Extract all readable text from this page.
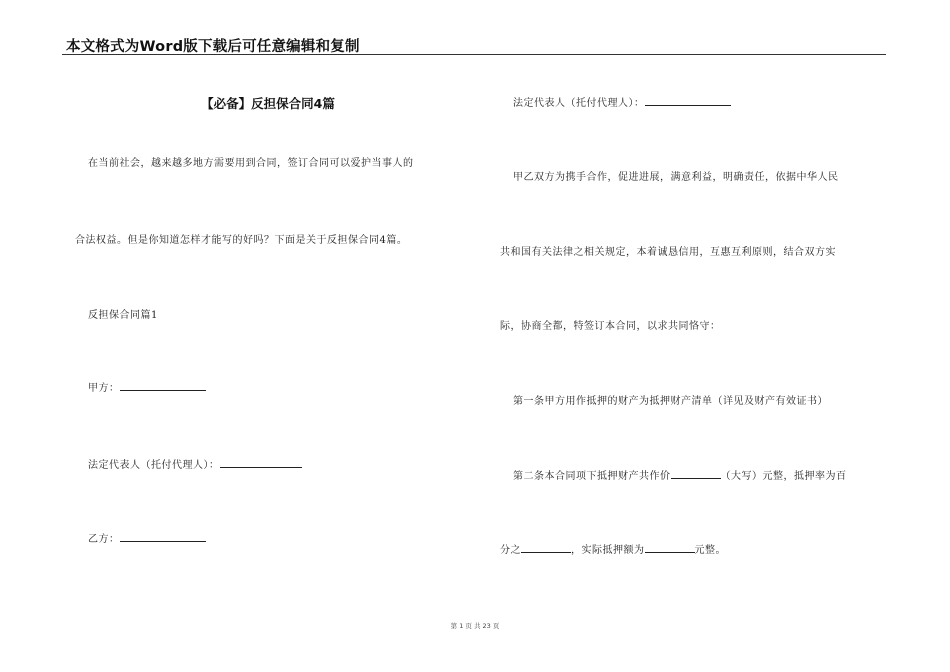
本文格式为Word版下载后可任意编辑和复制
【必备】反担保合同4篇
在当前社会，越来越多地方需要用到合同，签订合同可以爱护当事人的
合法权益。但是你知道怎样才能写的好吗？下面是关于反担保合同4篇。
反担保合同篇1
甲方：
法定代表人（托付代理人）：
乙方：
法定代表人（托付代理人）：
甲乙双方为携手合作，促进进展，满意利益，明确责任，依据中华人民
共和国有关法律之相关规定，本着诚恳信用，互惠互利原则，结合双方实
际，协商全都，特签订本合同，以求共同恪守：
第一条甲方用作抵押的财产为抵押财产清单（详见及财产有效证书）
第二条本合同项下抵押财产共作价	（大写）元整，抵押率为百
分之	，实际抵押额为	元整。
第 1 页 共 23 页
